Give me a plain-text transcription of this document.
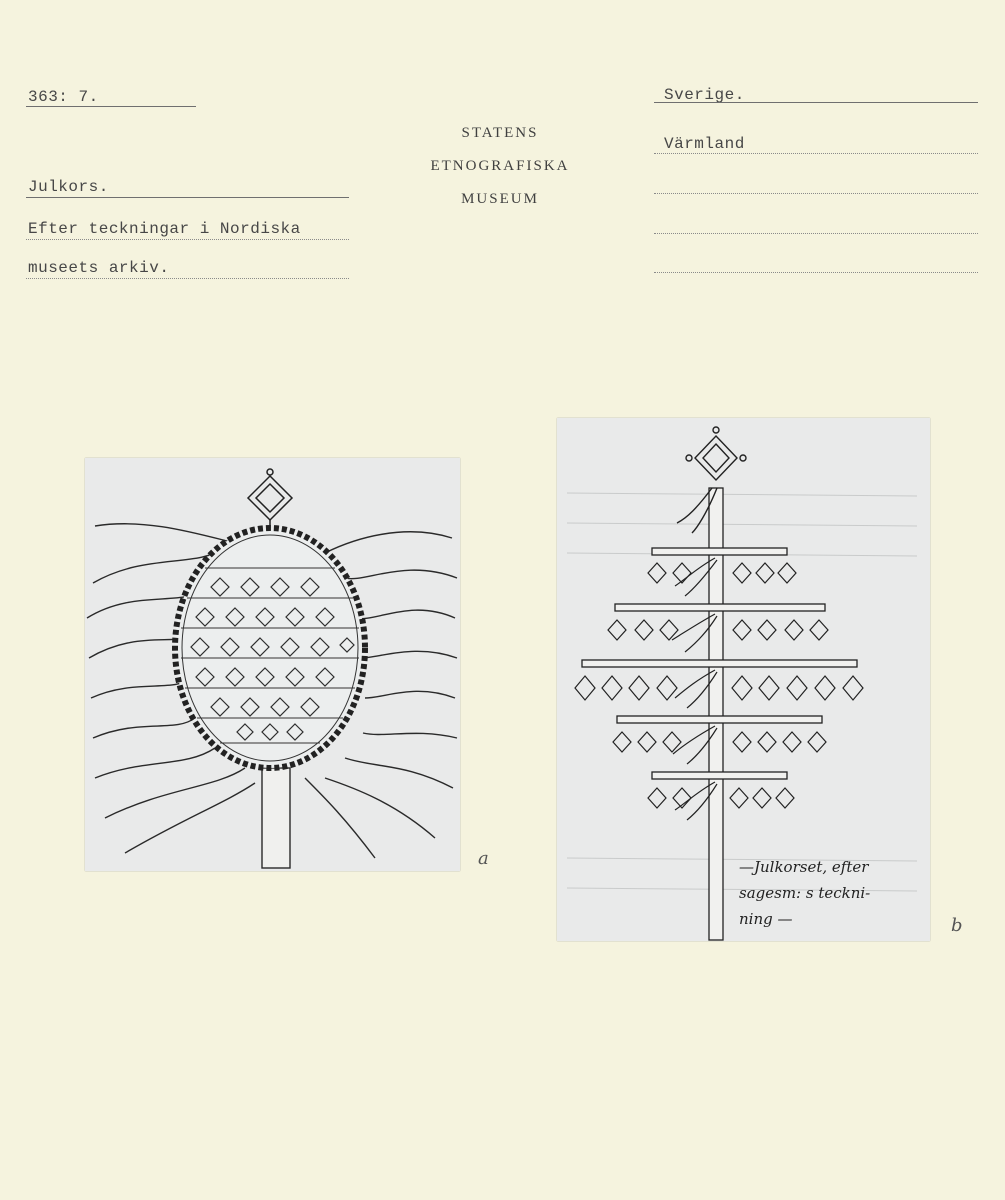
363: 7.
Julkors.
Efter teckningar i Nordiska
museets arkiv.
STATENS
ETNOGRAFISKA
MUSEUM
Sverige.
Värmland
a	—Julkorset, efter
sagesm: s teckni-
ning —	b
